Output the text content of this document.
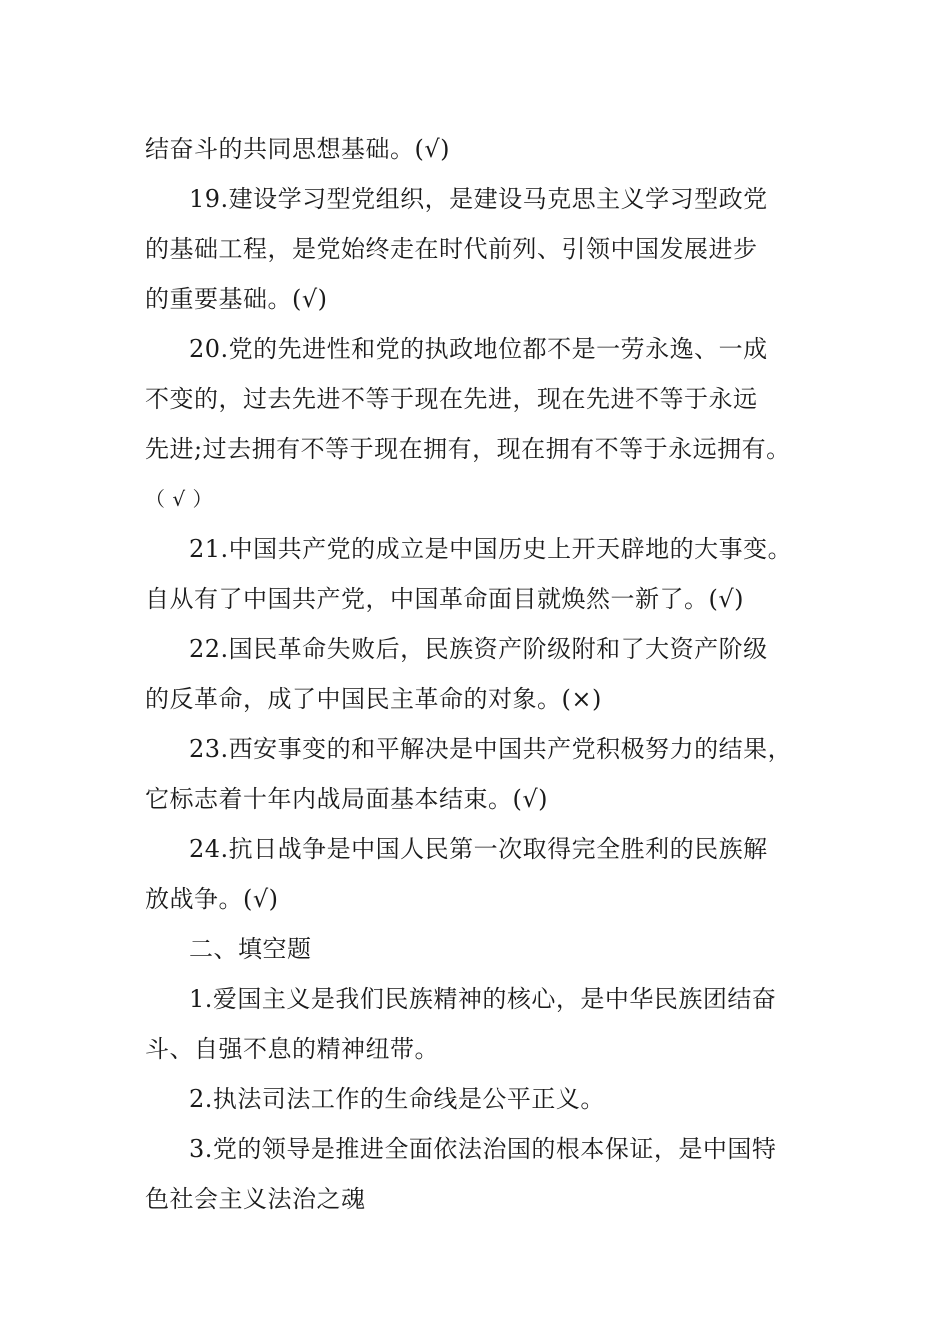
结奋斗的共同思想基础。(√)
19.建设学习型党组织，是建设马克思主义学习型政党
的基础工程，是党始终走在时代前列、引领中国发展进步
的重要基础。(√)
20.党的先进性和党的执政地位都不是一劳永逸、一成
不变的，过去先进不等于现在先进，现在先进不等于永远
先进;过去拥有不等于现在拥有，现在拥有不等于永远拥有。
（ √ ）
21.中国共产党的成立是中国历史上开天辟地的大事变。
自从有了中国共产党，中国革命面目就焕然一新了。(√)
22.国民革命失败后，民族资产阶级附和了大资产阶级
的反革命，成了中国民主革命的对象。(×)
23.西安事变的和平解决是中国共产党积极努力的结果，
它标志着十年内战局面基本结束。(√)
24.抗日战争是中国人民第一次取得完全胜利的民族解
放战争。(√)
二、填空题
1.爱国主义是我们民族精神的核心，是中华民族团结奋
斗、自强不息的精神纽带。
2.执法司法工作的生命线是公平正义。
3.党的领导是推进全面依法治国的根本保证，是中国特
色社会主义法治之魂
